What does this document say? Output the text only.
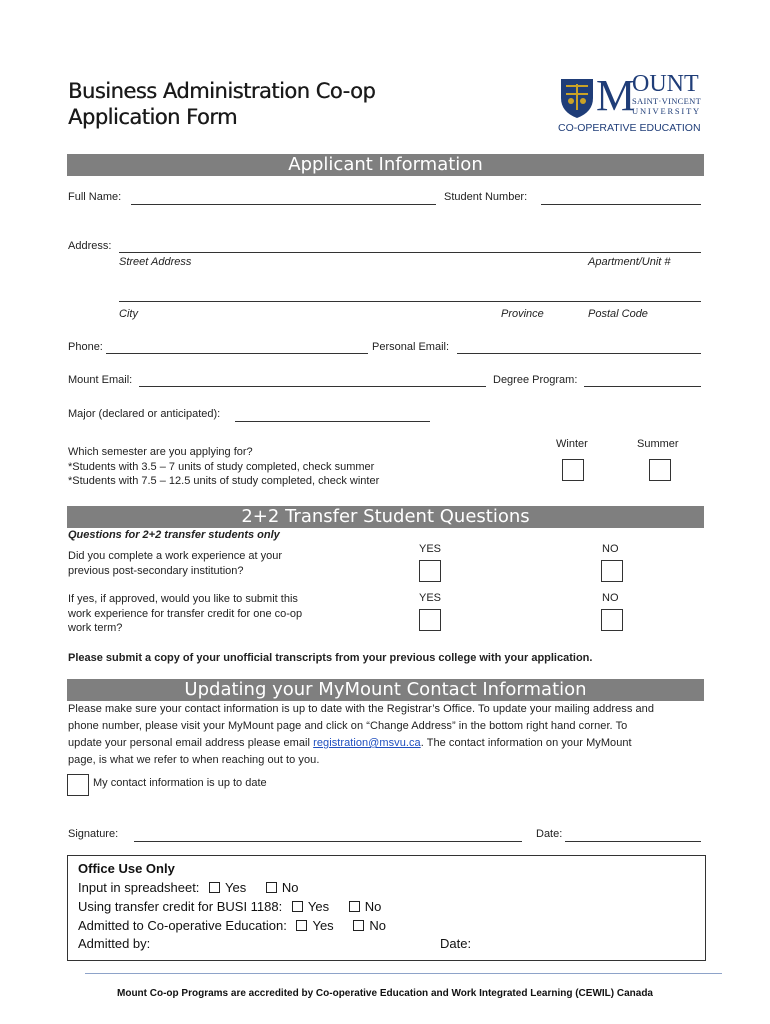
Business Administration Co-op
Application Form	M
OUNT
SAINT·VINCENT
UNIVERSITY
CO-OPERATIVE EDUCATION
Applicant Information
Full Name:	Student Number:
Address:
Street Address	Apartment/Unit #
City	Province	Postal Code
Phone:	Personal Email:
Mount Email:	Degree Program:
Major (declared or anticipated):
Winter	Summer
Which semester are you applying for?
*Students with 3.5 – 7 units of study completed, check summer
*Students with 7.5 – 12.5 units of study completed, check winter
2+2 Transfer Student Questions
Questions for 2+2 transfer students only
Did you complete a work experience at your
previous post-secondary institution?
YES	NO
If yes, if approved, would you like to submit this
work experience for transfer credit for one co-op
work term?
YES	NO
Please submit a copy of your unofficial transcripts from your previous college with your application.
Updating your MyMount Contact Information
Please make sure your contact information is up to date with the Registrar’s Office. To update your mailing address and
phone number, please visit your MyMount page and click on “Change Address” in the bottom right hand corner. To
update your personal email address please email registration@msvu.ca. The contact information on your MyMount
page, is what we refer to when reaching out to you.
My contact information is up to date
Signature:	Date:
Office Use Only
Input in spreadsheet: Yes	No
Using transfer credit for BUSI 1188: Yes	No
Admitted to Co-operative Education: Yes	No
Admitted by:	Date:
Mount Co-op Programs are accredited by Co-operative Education and Work Integrated Learning (CEWIL) Canada
